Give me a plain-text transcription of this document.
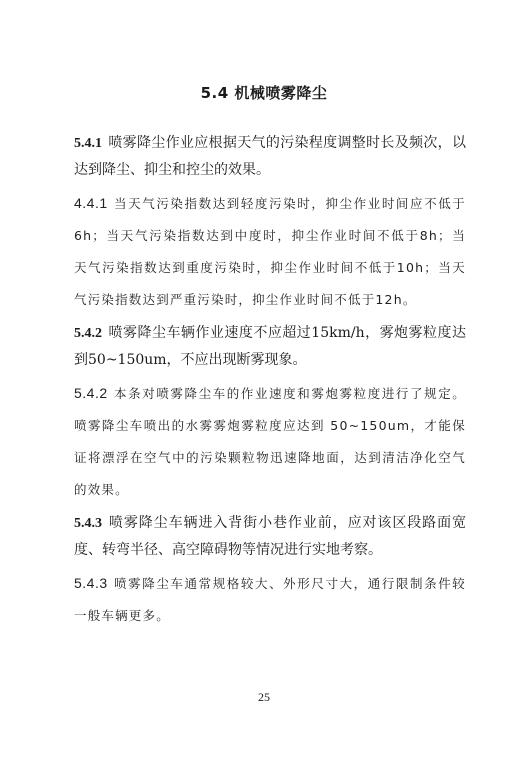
5.4 机械喷雾降尘

5.4.1 喷雾降尘作业应根据天气的污染程度调整时长及频次，以达到降尘、抑尘和控尘的效果。

4.4.1 当天气污染指数达到轻度污染时，抑尘作业时间应不低于6h；当天气污染指数达到中度时，抑尘作业时间不低于8h；当天气污染指数达到重度污染时，抑尘作业时间不低于10h；当天气污染指数达到严重污染时，抑尘作业时间不低于12h。

5.4.2 喷雾降尘车辆作业速度不应超过15km/h，雾炮雾粒度达到50~150um，不应出现断雾现象。

5.4.2 本条对喷雾降尘车的作业速度和雾炮雾粒度进行了规定。喷雾降尘车喷出的水雾雾炮雾粒度应达到 50~150um，才能保证将漂浮在空气中的污染颗粒物迅速降地面，达到清洁净化空气的效果。

5.4.3 喷雾降尘车辆进入背街小巷作业前，应对该区段路面宽度、转弯半径、高空障碍物等情况进行实地考察。

5.4.3 喷雾降尘车通常规格较大、外形尺寸大，通行限制条件较一般车辆更多。

25
